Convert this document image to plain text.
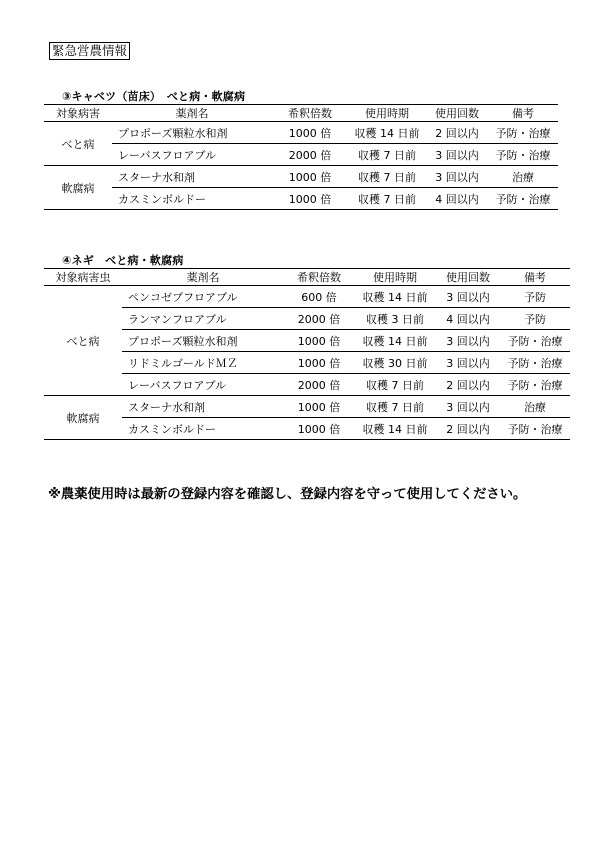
緊急営農情報
③キャベツ（苗床）　べと病・軟腐病
対象病害	薬剤名	希釈倍数	使用時期	使用回数	備考
べと病	プロポーズ顆粒水和剤	1000 倍	収穫 14 日前	2 回以内	予防・治療
	レーバスフロアブル	2000 倍	収穫 7 日前	3 回以内	予防・治療
軟腐病	スターナ水和剤	1000 倍	収穫 7 日前	3 回以内	治療
	カスミンボルドー	1000 倍	収穫 7 日前	4 回以内	予防・治療
④ネギ　べと病・軟腐病
対象病害虫	薬剤名	希釈倍数	使用時期	使用回数	備考
べと病	ペンコゼブフロアブル	600 倍	収穫 14 日前	3 回以内	予防
	ランマンフロアブル	2000 倍	収穫 3 日前	4 回以内	予防
	プロポーズ顆粒水和剤	1000 倍	収穫 14 日前	3 回以内	予防・治療
	リドミルゴールドＭＺ	1000 倍	収穫 30 日前	3 回以内	予防・治療
	レーバスフロアブル	2000 倍	収穫 7 日前	2 回以内	予防・治療
軟腐病	スターナ水和剤	1000 倍	収穫 7 日前	3 回以内	治療
	カスミンボルドー	1000 倍	収穫 14 日前	2 回以内	予防・治療
※農薬使用時は最新の登録内容を確認し、登録内容を守って使用してください。
